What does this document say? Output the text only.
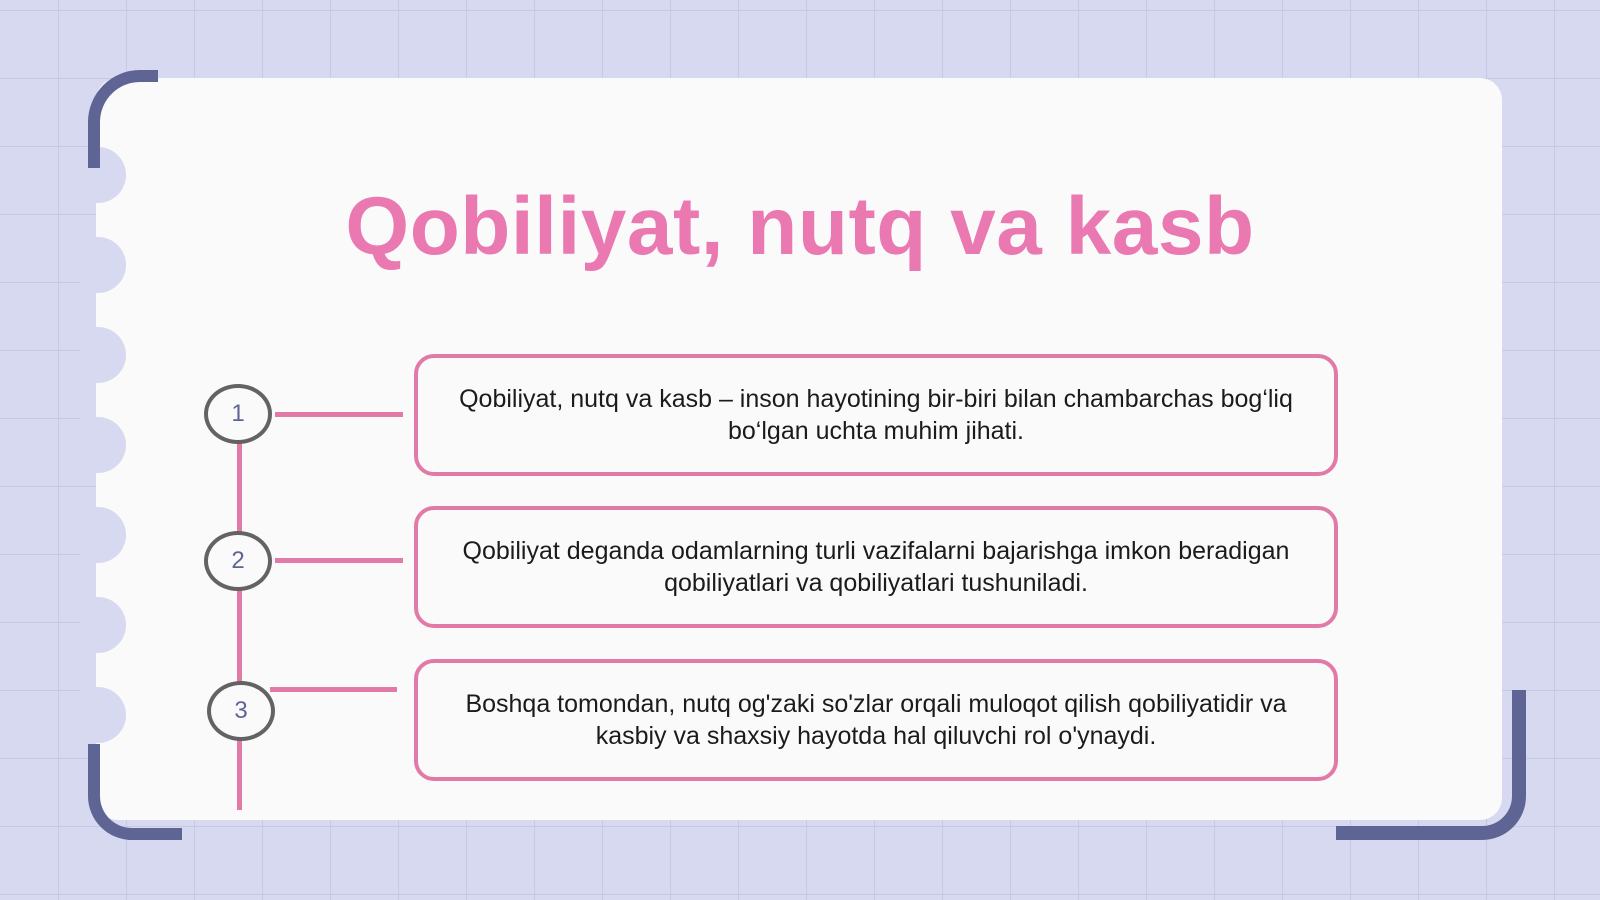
Qobiliyat, nutq va kasb
1
2
3
Qobiliyat, nutq va kasb – inson hayotining bir-biri bilan chambarchas bog‘liq bo‘lgan uchta muhim jihati.
Qobiliyat deganda odamlarning turli vazifalarni bajarishga imkon beradigan qobiliyatlari va qobiliyatlari tushuniladi.
Boshqa tomondan, nutq og'zaki so'zlar orqali muloqot qilish qobiliyatidir va kasbiy va shaxsiy hayotda hal qiluvchi rol o'ynaydi.
